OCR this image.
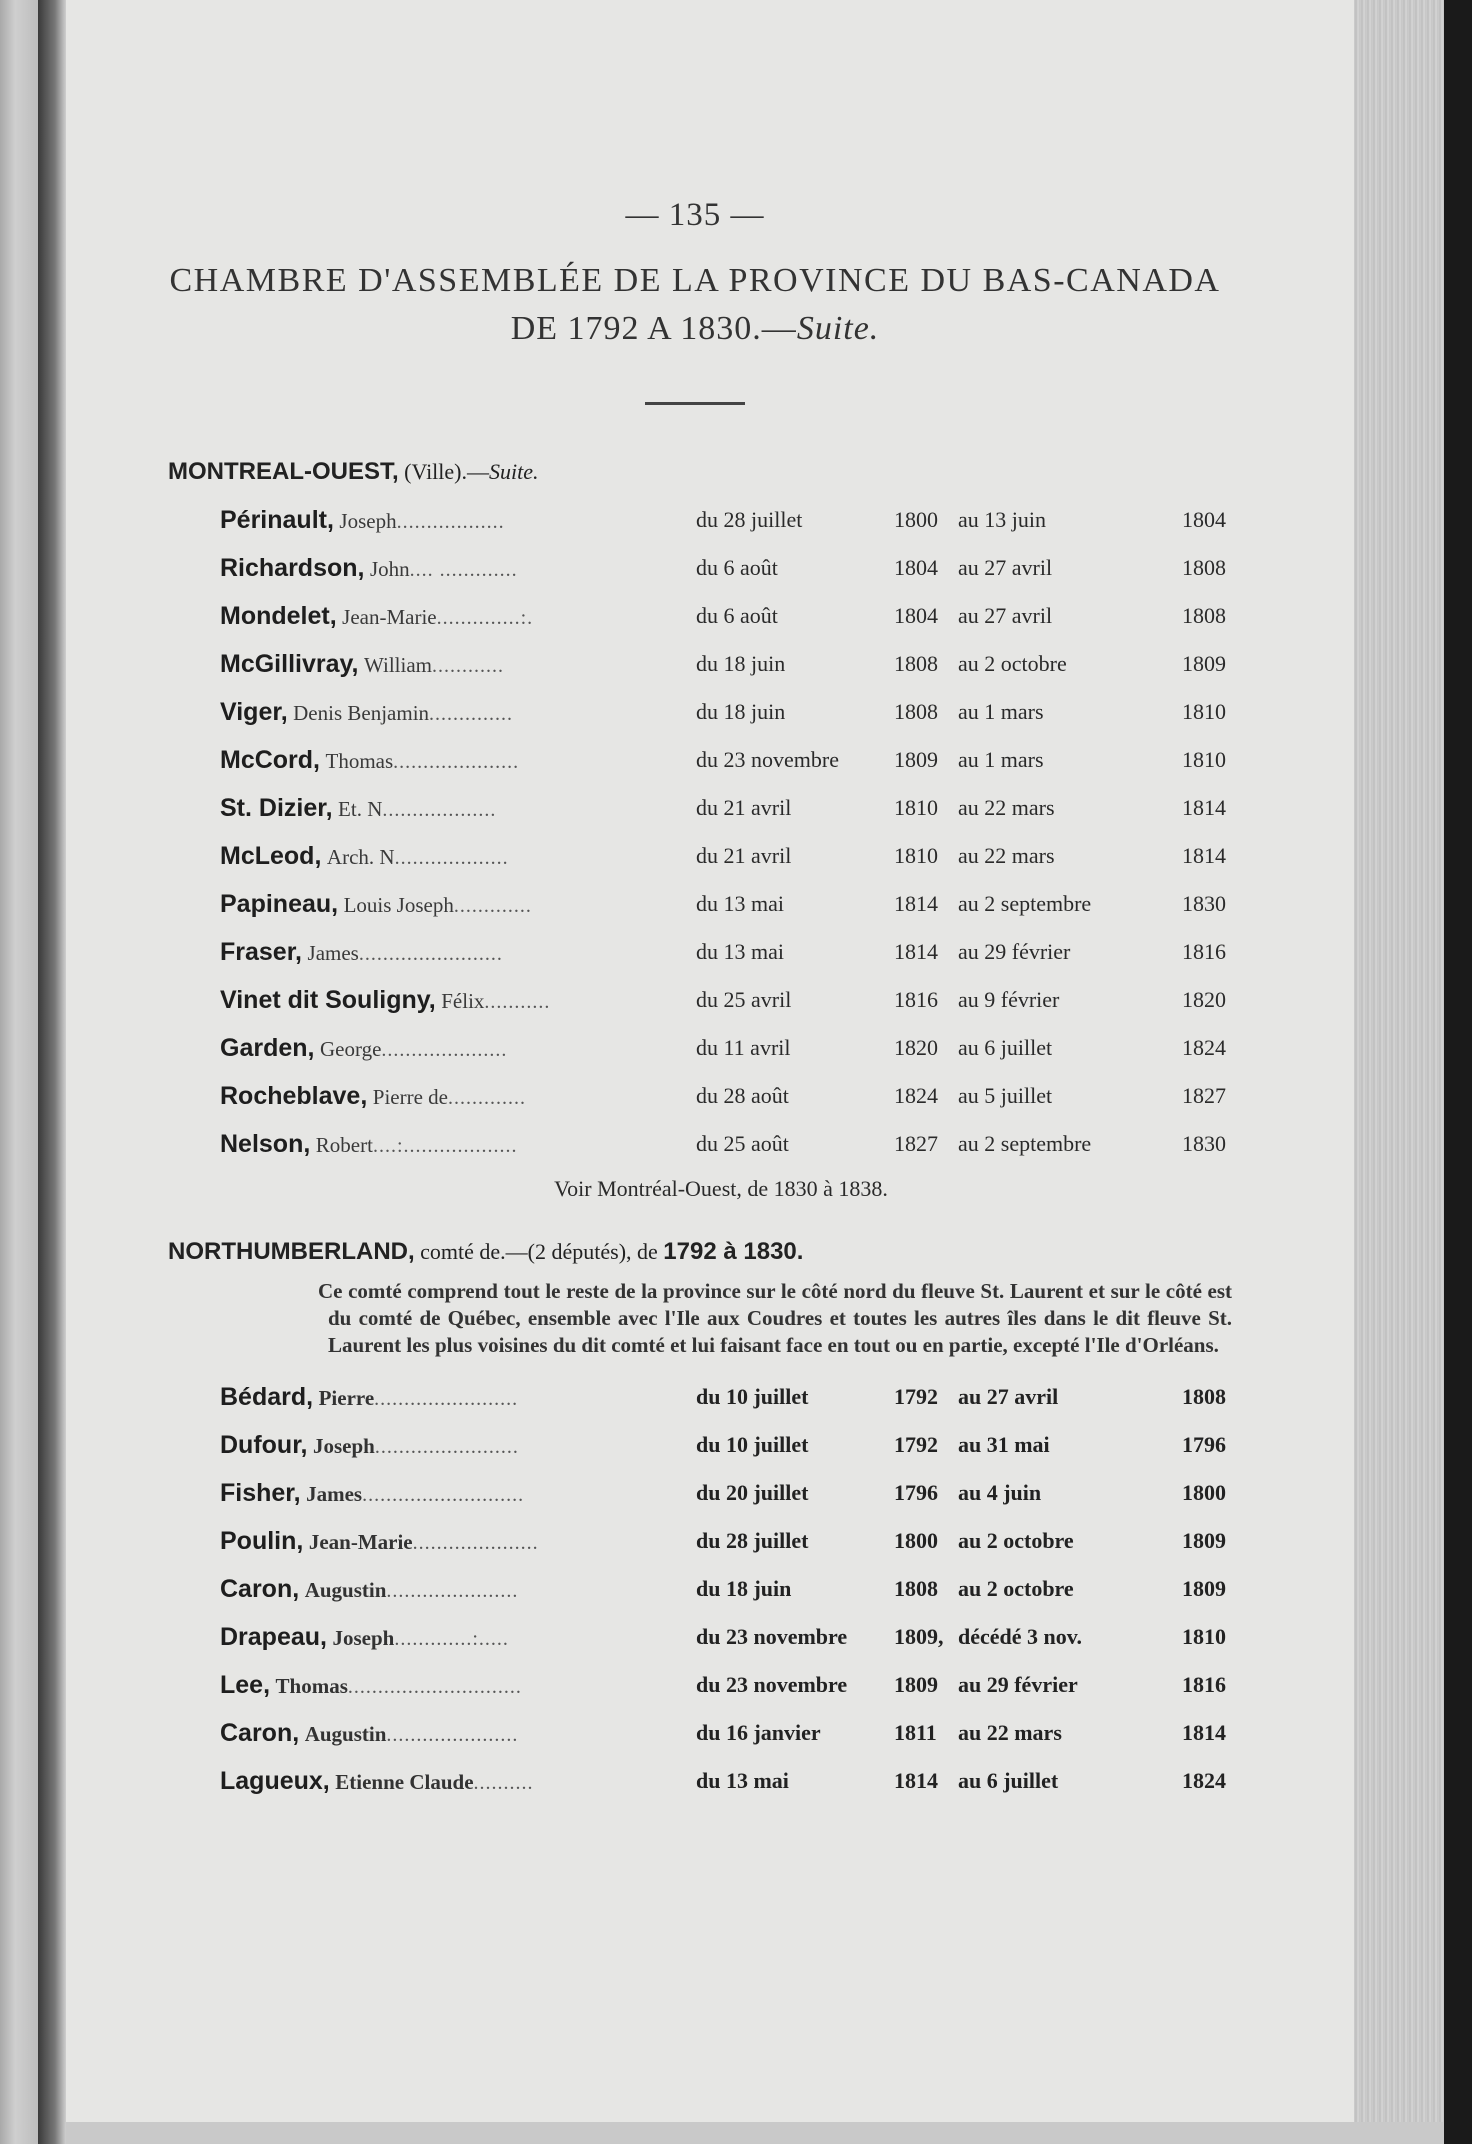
— 135 —
CHAMBRE D'ASSEMBLÉE DE LA PROVINCE DU BAS-CANADA
DE 1792 A 1830.—Suite.
MONTREAL-OUEST, (Ville).—Suite.
Périnault, Joseph..................	du 28 juillet	1800 au 13 juin	1804
Richardson, John.... .............	du 6 août	1804 au 27 avril	1808
Mondelet, Jean-Marie..............:.	du 6 août	1804 au 27 avril	1808
McGillivray, William............	du 18 juin	1808 au 2 octobre	1809
Viger, Denis Benjamin..............	du 18 juin	1808 au 1 mars	1810
McCord, Thomas.....................	du 23 novembre	1809 au 1 mars	1810
St. Dizier, Et. N...................	du 21 avril	1810 au 22 mars	1814
McLeod, Arch. N...................	du 21 avril	1810 au 22 mars	1814
Papineau, Louis Joseph.............	du 13 mai	1814 au 2 septembre	1830
Fraser, James........................	du 13 mai	1814 au 29 février	1816
Vinet dit Souligny, Félix...........	du 25 avril	1816 au 9 février	1820
Garden, George.....................	du 11 avril	1820 au 6 juillet	1824
Rocheblave, Pierre de.............	du 28 août	1824 au 5 juillet	1827
Nelson, Robert....:...................	du 25 août	1827 au 2 septembre	1830
Voir Montréal-Ouest, de 1830 à 1838.
NORTHUMBERLAND, comté de.—(2 députés), de 1792 à 1830.
Ce comté comprend tout le reste de la province sur le côté nord du fleuve St. Laurent et sur le côté est du comté de Québec, ensemble avec l'Ile aux Coudres et toutes les autres îles dans le dit fleuve St. Laurent les plus voisines du dit comté et lui faisant face en tout ou en partie, excepté l'Ile d'Orléans.
Bédard, Pierre........................	du 10 juillet	1792 au 27 avril	1808
Dufour, Joseph........................	du 10 juillet	1792 au 31 mai	1796
Fisher, James...........................	du 20 juillet	1796 au 4 juin	1800
Poulin, Jean-Marie.....................	du 28 juillet	1800 au 2 octobre	1809
Caron, Augustin......................	du 18 juin	1808 au 2 octobre	1809
Drapeau, Joseph.............:.....	du 23 novembre	1809, décédé 3 nov.	1810
Lee, Thomas.............................	du 23 novembre	1809 au 29 février	1816
Caron, Augustin......................	du 16 janvier	1811 au 22 mars	1814
Lagueux, Etienne Claude..........	du 13 mai	1814 au 6 juillet	1824
